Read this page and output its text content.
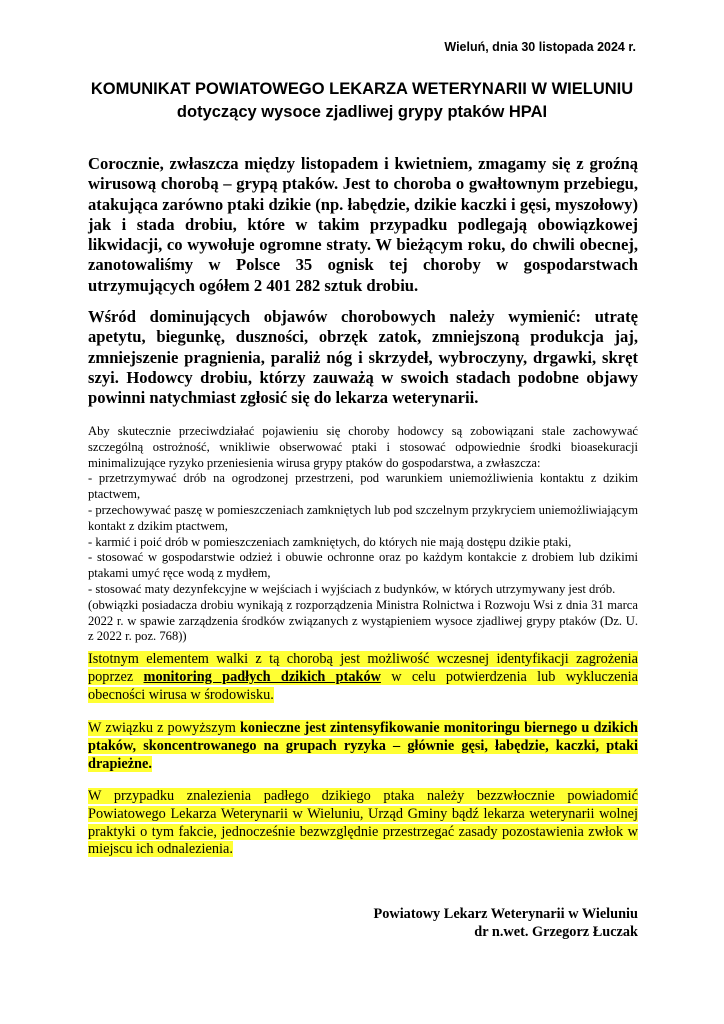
Wieluń, dnia 30 listopada 2024 r.
KOMUNIKAT POWIATOWEGO LEKARZA WETERYNARII W WIELUNIU
dotyczący wysoce zjadliwej grypy ptaków HPAI

Corocznie, zwłaszcza między listopadem i kwietniem, zmagamy się z groźną wirusową chorobą – grypą ptaków. Jest to choroba o gwałtownym przebiegu, atakująca zarówno ptaki dzikie (np. łabędzie, dzikie kaczki i gęsi, myszołowy) jak i stada drobiu, które w takim przypadku podlegają obowiązkowej likwidacji, co wywołuje ogromne straty. W bieżącym roku, do chwili obecnej, zanotowaliśmy w Polsce 35 ognisk tej choroby w gospodarstwach utrzymujących ogółem 2 401 282 sztuk drobiu.

Wśród dominujących objawów chorobowych należy wymienić: utratę apetytu, biegunkę, duszności, obrzęk zatok, zmniejszoną produkcja jaj, zmniejszenie pragnienia, paraliż nóg i skrzydeł, wybroczyny, drgawki, skręt szyi. Hodowcy drobiu, którzy zauważą w swoich stadach podobne objawy powinni natychmiast zgłosić się do lekarza weterynarii.

Aby skutecznie przeciwdziałać pojawieniu się choroby hodowcy są zobowiązani stale zachowywać szczególną ostrożność, wnikliwie obserwować ptaki i stosować odpowiednie środki bioasekuracji minimalizujące ryzyko przeniesienia wirusa grypy ptaków do gospodarstwa, a zwłaszcza:
- przetrzymywać drób na ogrodzonej przestrzeni, pod warunkiem uniemożliwienia kontaktu z dzikim ptactwem,
- przechowywać paszę w pomieszczeniach zamkniętych lub pod szczelnym przykryciem uniemożliwiającym kontakt z dzikim ptactwem,
- karmić i poić drób w pomieszczeniach zamkniętych, do których nie mają dostępu dzikie ptaki,
- stosować w gospodarstwie odzież i obuwie ochronne oraz po każdym kontakcie z drobiem lub dzikimi ptakami umyć ręce wodą z mydłem,
- stosować maty dezynfekcyjne w wejściach i wyjściach z budynków, w których utrzymywany jest drób.
(obwiązki posiadacza drobiu wynikają z rozporządzenia Ministra Rolnictwa i Rozwoju Wsi z dnia 31 marca 2022 r. w spawie zarządzenia środków związanych z wystąpieniem wysoce zjadliwej grypy ptaków (Dz. U. z 2022 r. poz. 768))

Istotnym elementem walki z tą chorobą jest możliwość wczesnej identyfikacji zagrożenia poprzez monitoring padłych dzikich ptaków w celu potwierdzenia lub wykluczenia obecności wirusa w środowisku.

W związku z powyższym konieczne jest zintensyfikowanie monitoringu biernego u dzikich ptaków, skoncentrowanego na grupach ryzyka – głównie gęsi, łabędzie, kaczki, ptaki drapieżne.

W przypadku znalezienia padłego dzikiego ptaka należy bezzwłocznie powiadomić Powiatowego Lekarza Weterynarii w Wieluniu, Urząd Gminy bądź lekarza weterynarii wolnej praktyki o tym fakcie, jednocześnie bezwzględnie przestrzegać zasady pozostawienia zwłok w miejscu ich odnalezienia.

Powiatowy Lekarz Weterynarii w Wieluniu
dr n.wet. Grzegorz Łuczak
